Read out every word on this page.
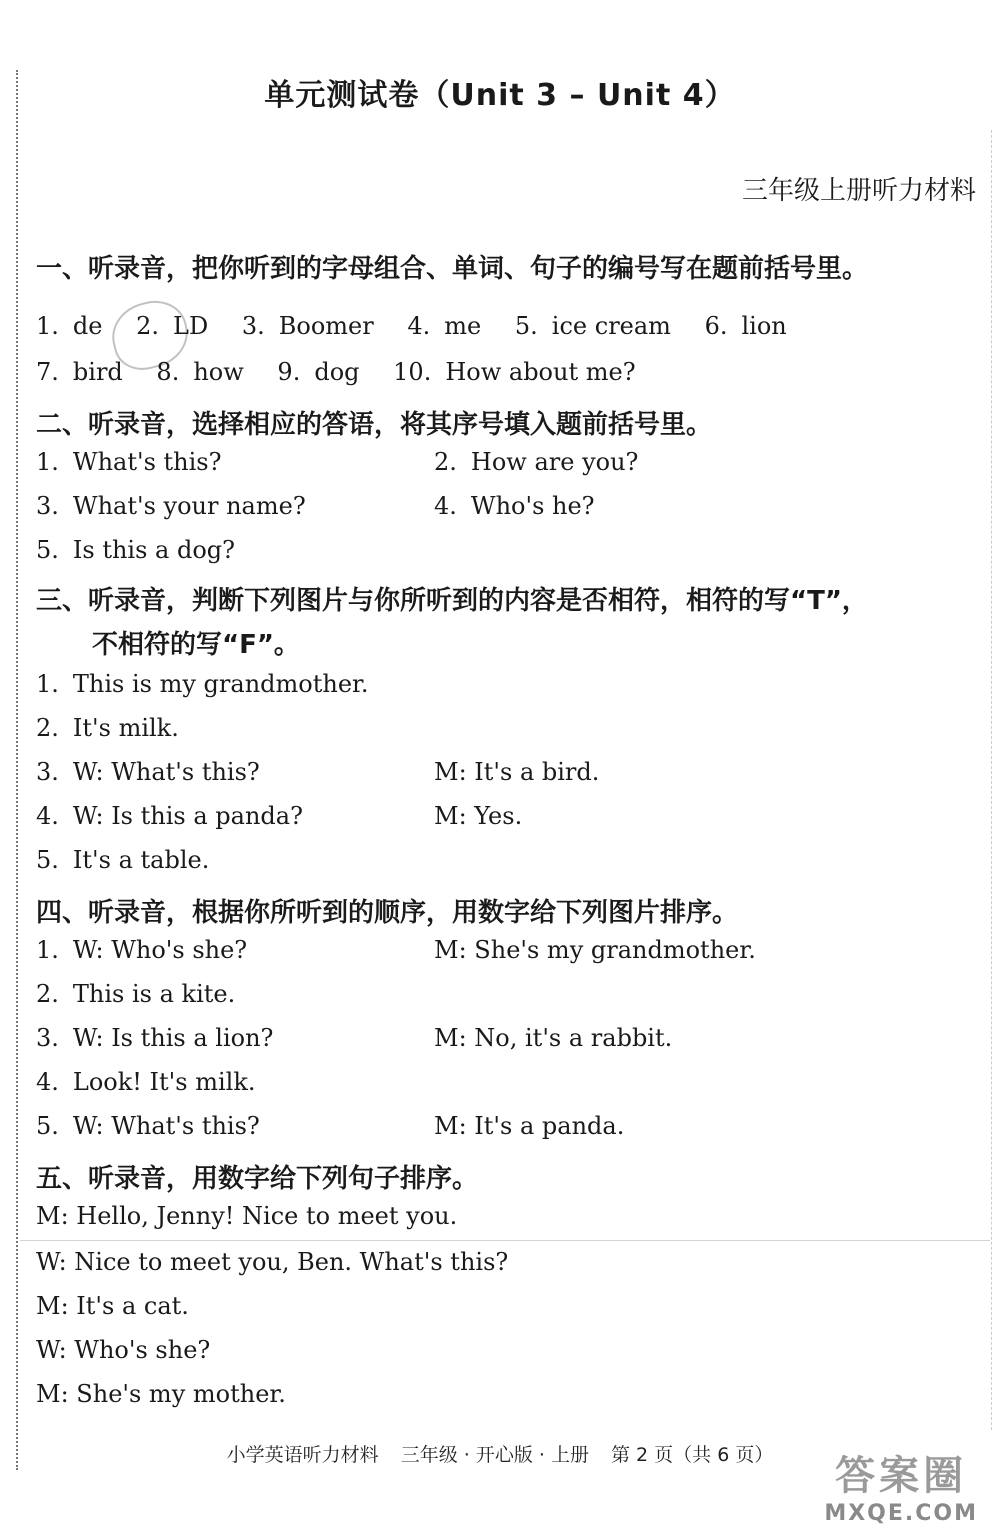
单元测试卷（Unit 3 – Unit 4）
三年级上册听力材料
一、听录音，把你听到的字母组合、单词、句子的编号写在题前括号里。
1. de 2. LD 3. Boomer 4. me 5. ice cream 6. lion
7. bird 8. how 9. dog 10. How about me?
二、听录音，选择相应的答语，将其序号填入题前括号里。
1. What's this?	2. How are you?
3. What's your name?	4. Who's he?
5. Is this a dog?
三、听录音，判断下列图片与你所听到的内容是否相符，相符的写“T”，
不相符的写“F”。
1. This is my grandmother.
2. It's milk.
3. W: What's this?	M: It's a bird.
4. W: Is this a panda?	M: Yes.
5. It's a table.
四、听录音，根据你所听到的顺序，用数字给下列图片排序。
1. W: Who's she?	M: She's my grandmother.
2. This is a kite.
3. W: Is this a lion?	M: No, it's a rabbit.
4. Look! It's milk.
5. W: What's this?	M: It's a panda.
五、听录音，用数字给下列句子排序。
M: Hello, Jenny! Nice to meet you.
W: Nice to meet you, Ben. What's this?
M: It's a cat.
W: Who's she?
M: She's my mother.
小学英语听力材料 三年级 · 开心版 · 上册 第 2 页（共 6 页）	答案圈
MXQE.COM
